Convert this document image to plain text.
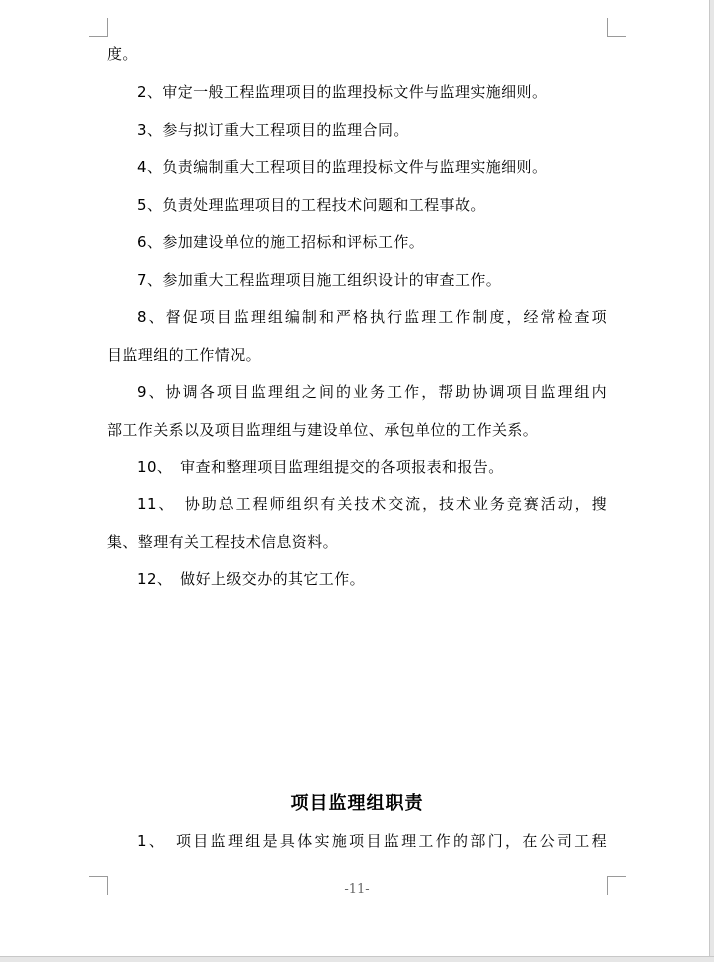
度。
2、审定一般工程监理项目的监理投标文件与监理实施细则。
3、参与拟订重大工程项目的监理合同。
4、负责编制重大工程项目的监理投标文件与监理实施细则。
5、负责处理监理项目的工程技术问题和工程事故。
6、参加建设单位的施工招标和评标工作。
7、参加重大工程监理项目施工组织设计的审查工作。
8、督促项目监理组编制和严格执行监理工作制度，经常检查项
目监理组的工作情况。
9、协调各项目监理组之间的业务工作，帮助协调项目监理组内
部工作关系以及项目监理组与建设单位、承包单位的工作关系。
10、　审查和整理项目监理组提交的各项报表和报告。
11、　协助总工程师组织有关技术交流，技术业务竞赛活动，搜
集、整理有关工程技术信息资料。
12、　做好上级交办的其它工作。
项目监理组职责
1、　项目监理组是具体实施项目监理工作的部门，在公司工程
-11-
